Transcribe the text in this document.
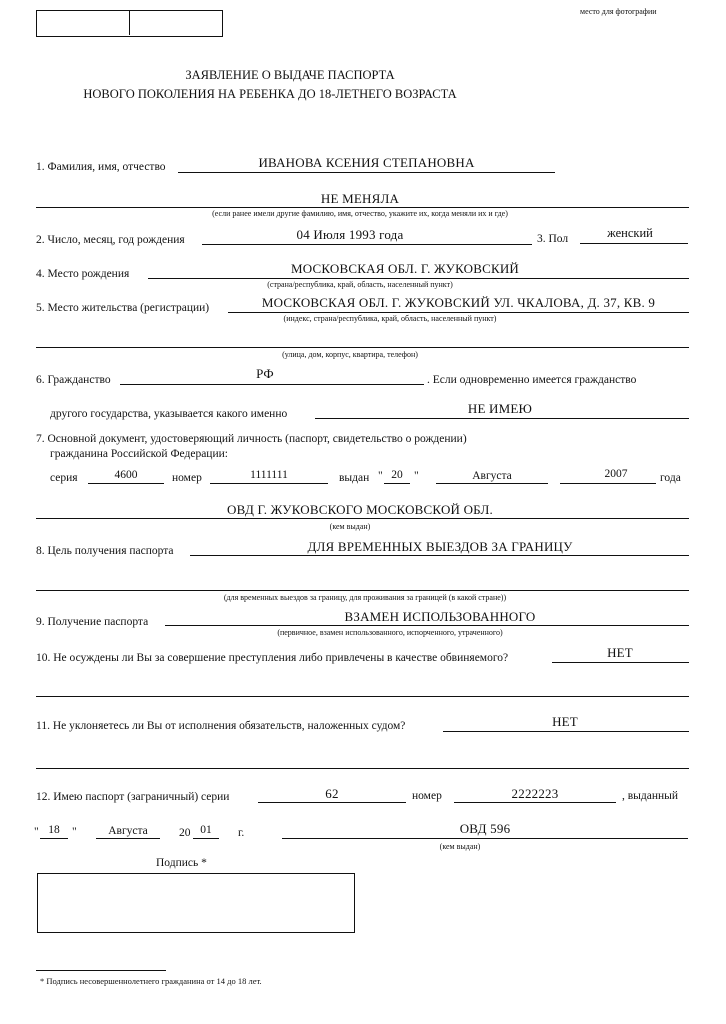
место для фотографии
ЗАЯВЛЕНИЕ О ВЫДАЧЕ ПАСПОРТА
НОВОГО ПОКОЛЕНИЯ НА РЕБЕНКА ДО 18-ЛЕТНЕГО ВОЗРАСТА
1. Фамилия, имя, отчество	ИВАНОВА КСЕНИЯ СТЕПАНОВНА
НЕ МЕНЯЛА
(если ранее имели другие фамилию, имя, отчество, укажите их, когда меняли их и где)
2. Число, месяц, год рождения	04 Июля 1993 года	3. Пол	женский
4. Место рождения	МОСКОВСКАЯ ОБЛ. Г. ЖУКОВСКИЙ
(страна/республика, край, область, населенный пункт)
5. Место жительства (регистрации)	МОСКОВСКАЯ ОБЛ. Г. ЖУКОВСКИЙ УЛ. ЧКАЛОВА, Д. 37, КВ. 9
(индекс, страна/республика, край, область, населенный пункт)
(улица, дом, корпус, квартира, телефон)
6. Гражданство	РФ	. Если одновременно имеется гражданство
другого государства, указывается какого именно	НЕ ИМЕЮ
7. Основной документ, удостоверяющий личность (паспорт, свидетельство о рождении)
гражданина Российской Федерации:
серия	4600	номер	1111111	выдан " 20 "	Августа	2007	года
ОВД Г. ЖУКОВСКОГО МОСКОВСКОЙ ОБЛ.
(кем выдан)
8. Цель получения паспорта	ДЛЯ ВРЕМЕННЫХ ВЫЕЗДОВ ЗА ГРАНИЦУ
(для временных выездов за границу, для проживания за границей (в какой стране))
9. Получение паспорта	ВЗАМЕН ИСПОЛЬЗОВАННОГО
(первичное, взамен использованного, испорченного, утраченного)
10. Не осуждены ли Вы за совершение преступления либо привлечены в качестве обвиняемого?	НЕТ
11. Не уклоняетесь ли Вы от исполнения обязательств, наложенных судом?	НЕТ
12. Имею паспорт (заграничный) серии	62	номер	2222223	, выданный
" 18	"	Августа	20 01	г.	ОВД 596
(кем выдан)
Подпись *
* Подпись несовершеннолетнего гражданина от 14 до 18 лет.
